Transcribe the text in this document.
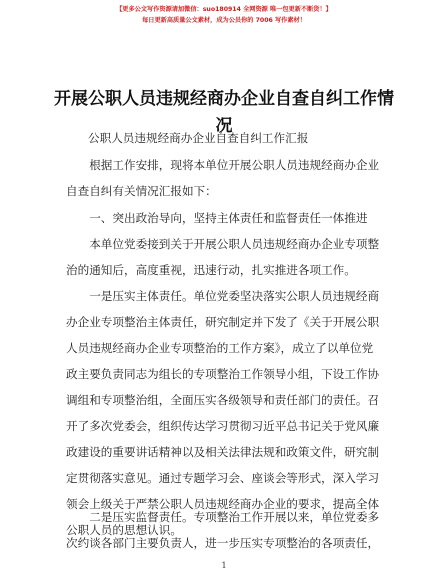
【更多公文写作资源请加微信：suo180914 全网资源 唯一包更新不断货！】
每日更新高质量公文素材，成为公员你的 7006 写作素材！
开展公职人员违规经商办企业自查自纠工作情况
公职人员违规经商办企业自查自纠工作汇报
　　根据工作安排，现将本单位开展公职人员违规经商办企业
自查自纠有关情况汇报如下：
　　一、突出政治导向，坚持主体责任和监督责任一体推进
　　本单位党委接到关于开展公职人员违规经商办企业专项整
治的通知后，高度重视，迅速行动，扎实推进各项工作。
　　一是压实主体责任。单位党委坚决落实公职人员违规经商
办企业专项整治主体责任，研究制定并下发了《关于开展公职
人员违规经商办企业专项整治的工作方案》，成立了以单位党
政主要负责同志为组长的专项整治工作领导小组，下设工作协
调组和专项整治组，全面压实各级领导和责任部门的责任。召
开了多次党委会，组织传达学习贯彻习近平总书记关于党风廉
政建设的重要讲话精神以及相关法律法规和政策文件，研究制
定贯彻落实意见。通过专题学习会、座谈会等形式，深入学习
领会上级关于严禁公职人员违规经商办企业的要求，提高全体
公职人员的思想认识。
　　二是压实监督责任。专项整治工作开展以来，单位党委多
次约谈各部门主要负责人，进一步压实专项整治的各项责任，
1
